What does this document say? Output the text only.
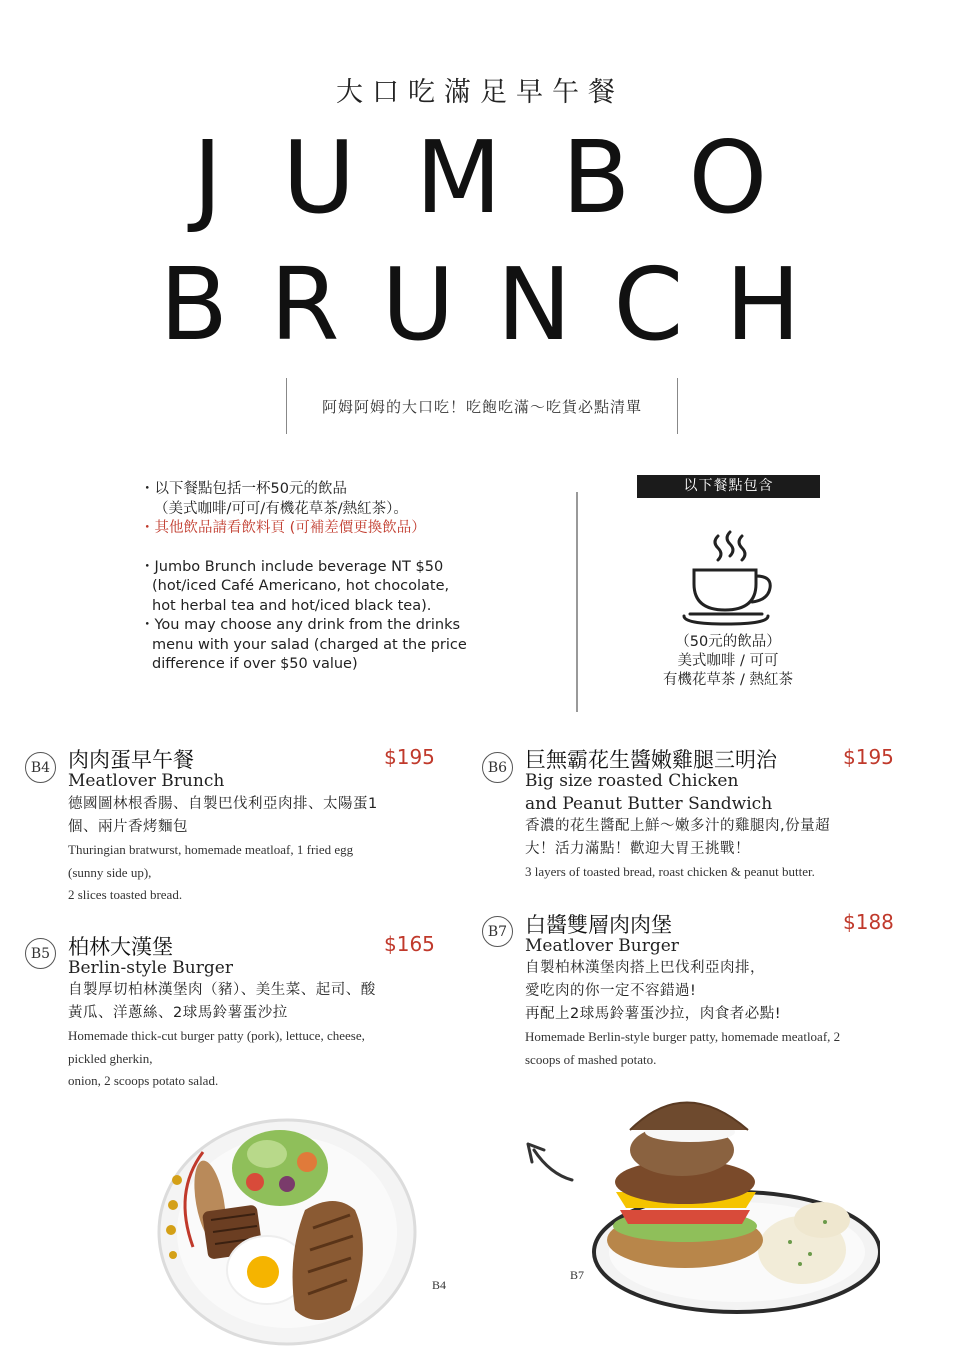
大口吃滿足早午餐
JUMBO
BRUNCH
阿姆阿姆的大口吃！吃飽吃滿～吃貨必點清單
・以下餐點包括一杯50元的飲品
（美式咖啡/可可/有機花草茶/熱紅茶）。
・其他飲品請看飲料頁 (可補差價更換飲品）
・Jumbo Brunch include beverage NT $50
(hot/iced Café Americano, hot chocolate,
hot herbal tea and hot/iced black tea).
・You may choose any drink from the drinks
menu with your salad (charged at the price
difference if over $50 value)
以下餐點包含
（50元的飲品）
美式咖啡 / 可可
有機花草茶 / 熱紅茶
B4 肉肉蛋早午餐	$195
Meatlover Brunch
德國圖林根香腸、自製巴伐利亞肉排、太陽蛋1
個、兩片香烤麵包
Thuringian bratwurst, homemade meatloaf, 1 fried egg
(sunny side up),
2 slices toasted bread.
B5 柏林大漢堡	$165
Berlin-style Burger
自製厚切柏林漢堡肉（豬）、美生菜、起司、酸
黃瓜、洋蔥絲、2球馬鈴薯蛋沙拉
Homemade thick-cut burger patty (pork), lettuce, cheese,
pickled gherkin,
onion, 2 scoops potato salad.
B6 巨無霸花生醬嫩雞腿三明治	$195
Big size roasted Chicken
and Peanut Butter Sandwich
香濃的花生醬配上鮮～嫩多汁的雞腿肉,份量超
大！活力滿點！歡迎大胃王挑戰！
3 layers of toasted bread, roast chicken & peanut butter.
B7 白醬雙層肉肉堡	$188
Meatlover Burger
自製柏林漢堡肉搭上巴伐利亞肉排，
愛吃肉的你一定不容錯過!
再配上2球馬鈴薯蛋沙拉，肉食者必點!
Homemade Berlin-style burger patty, homemade meatloaf, 2
scoops of mashed potato.
B4
B7
